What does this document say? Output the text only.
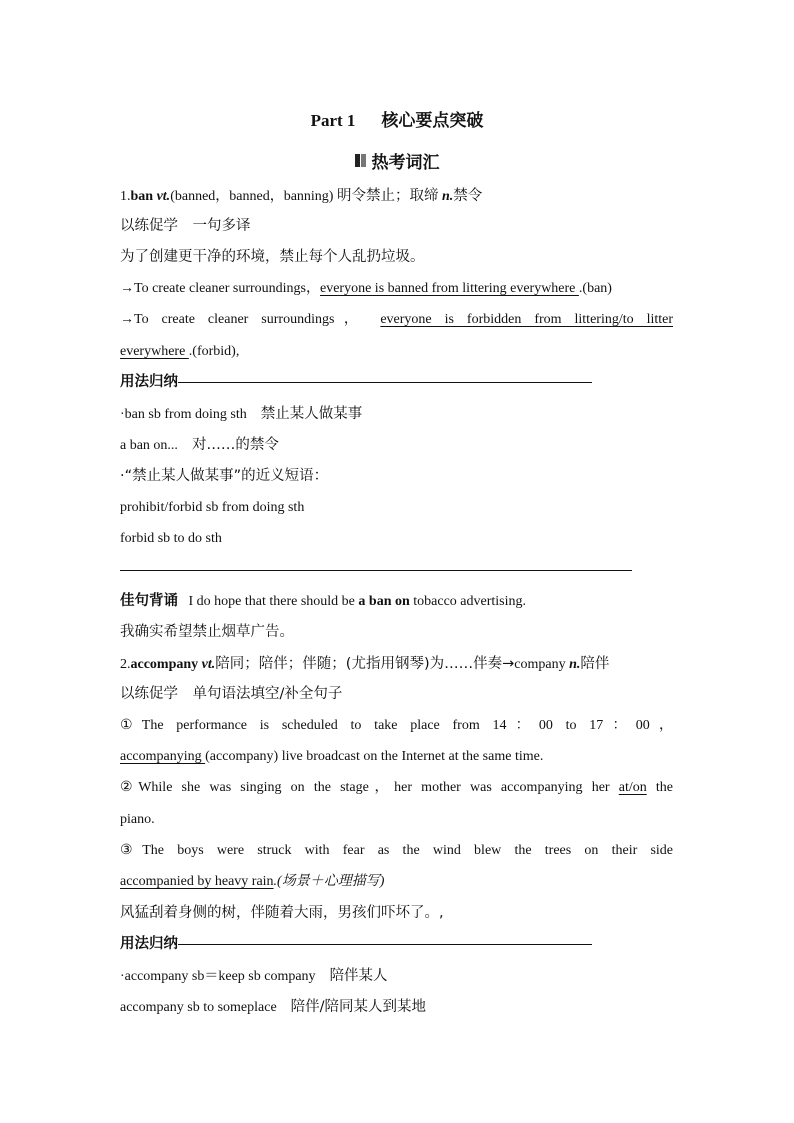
Part 1 核心要点突破
热考词汇
1.ban vt.(banned，banned，banning) 明令禁止；取缔 n.禁令
以练促学　一句多译
为了创建更干净的环境，禁止每个人乱扔垃圾。
→To create cleaner surroundings，everyone is banned from littering everywhere .(ban)
→To create cleaner surroundings， everyone is forbidden from littering/to litter
everywhere .(forbid),
用法归纳
·ban sb from doing sth 禁止某人做某事
a ban on... 对……的禁令
·“禁止某人做某事”的近义短语：
prohibit/forbid sb from doing sth
forbid sb to do sth
佳句背诵 I do hope that there should be a ban on tobacco advertising.
我确实希望禁止烟草广告。
2.accompany vt.陪同；陪伴；伴随；(尤指用钢琴)为……伴奏→company n.陪伴
以练促学　单句语法填空/补全句子
①The performance is scheduled to take place from 14：00 to 17：00，
accompanying (accompany) live broadcast on the Internet at the same time.
②While she was singing on the stage，her mother was accompanying her at/on the
piano.
③The boys were struck with fear as the wind blew the trees on their side
accompanied by heavy rain.(场景＋心理描写)
风猛刮着身侧的树，伴随着大雨，男孩们吓坏了。,
用法归纳
·accompany sb＝keep sb company 陪伴某人
accompany sb to someplace 陪伴/陪同某人到某地
